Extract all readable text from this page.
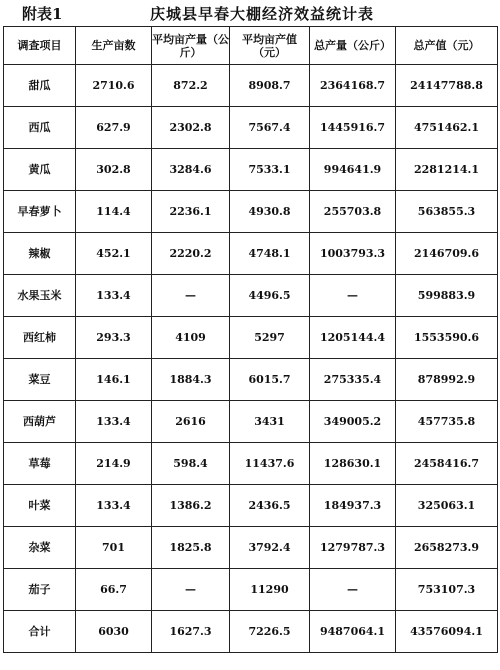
附表1	庆城县早春大棚经济效益统计表
调查项目	生产亩数	平均亩产量（公斤）	平均亩产值（元）	总产量（公斤）	总产值（元）
甜瓜	2710.6	872.2	8908.7	2364168.7	24147788.8
西瓜	627.9	2302.8	7567.4	1445916.7	4751462.1
黄瓜	302.8	3284.6	7533.1	994641.9	2281214.1
早春萝卜	114.4	2236.1	4930.8	255703.8	563855.3
辣椒	452.1	2220.2	4748.1	1003793.3	2146709.6
水果玉米	133.4	—	4496.5	—	599883.9
西红柿	293.3	4109	5297	1205144.4	1553590.6
菜豆	146.1	1884.3	6015.7	275335.4	878992.9
西葫芦	133.4	2616	3431	349005.2	457735.8
草莓	214.9	598.4	11437.6	128630.1	2458416.7
叶菜	133.4	1386.2	2436.5	184937.3	325063.1
杂菜	701	1825.8	3792.4	1279787.3	2658273.9
茄子	66.7	—	11290	—	753107.3
合计	6030	1627.3	7226.5	9487064.1	43576094.1
